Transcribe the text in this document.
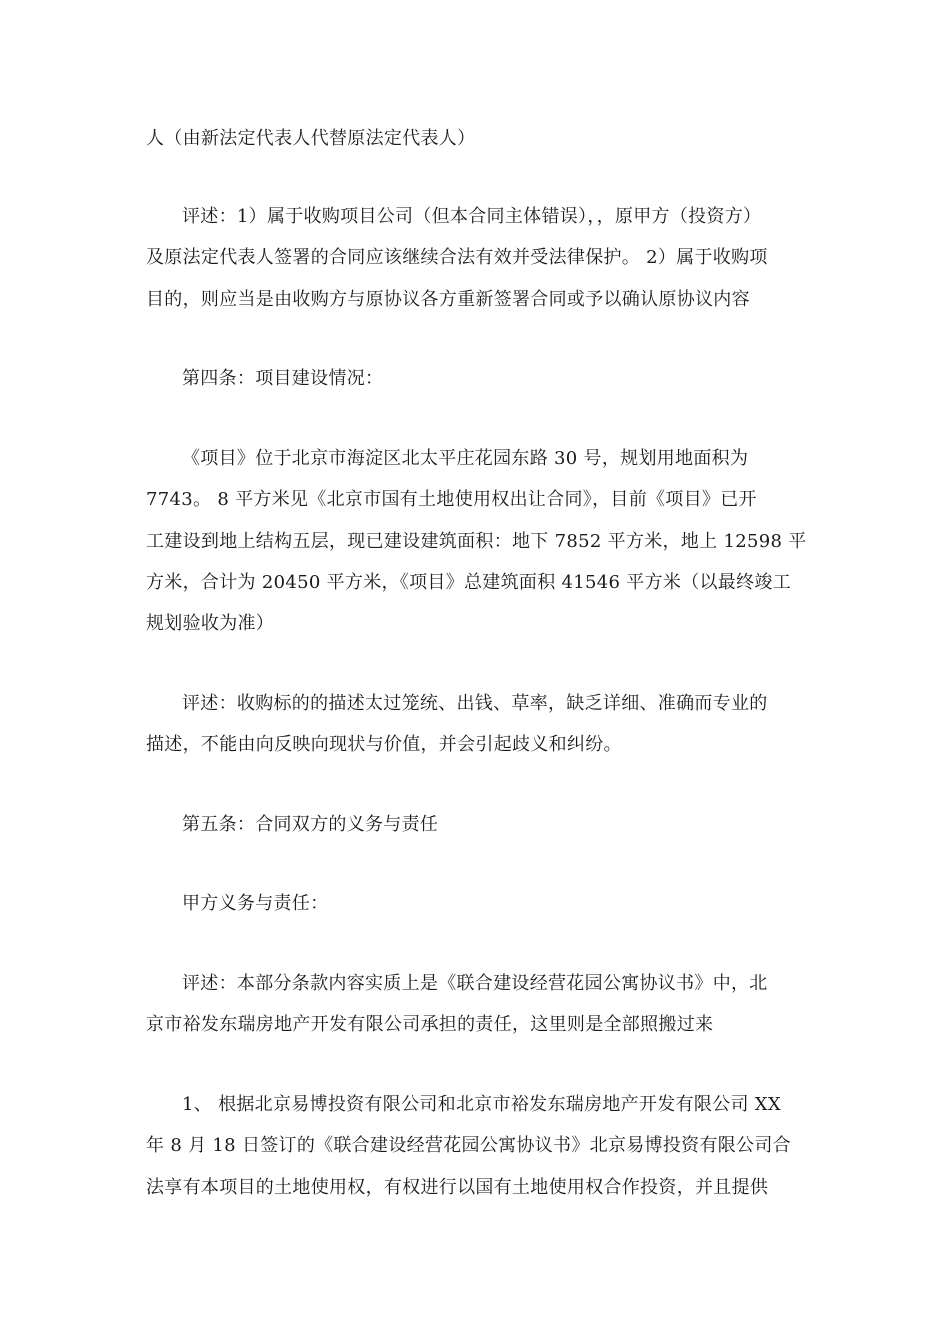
人（由新法定代表人代替原法定代表人）
评述：1）属于收购项目公司（但本合同主体错误），，原甲方（投资方）
及原法定代表人签署的合同应该继续合法有效并受法律保护。 2）属于收购项
目的，则应当是由收购方与原协议各方重新签署合同或予以确认原协议内容
第四条：项目建设情况：
《项目》位于北京市海淀区北太平庄花园东路 30 号，规划用地面积为
7743。 8 平方米见《北京市国有土地使用权出让合同》，目前《项目》已开
工建设到地上结构五层，现已建设建筑面积：地下 7852 平方米，地上 12598 平
方米，合计为 20450 平方米，《项目》总建筑面积 41546 平方米（以最终竣工
规划验收为准）
评述：收购标的的描述太过笼统、出钱、草率，缺乏详细、准确而专业的
描述，不能由向反映向现状与价值，并会引起歧义和纠纷。
第五条：合同双方的义务与责任
甲方义务与责任：
评述：本部分条款内容实质上是《联合建设经营花园公寓协议书》中，北
京市裕发东瑞房地产开发有限公司承担的责任，这里则是全部照搬过来
1、 根据北京易博投资有限公司和北京市裕发东瑞房地产开发有限公司 XX
年 8 月 18 日签订的《联合建设经营花园公寓协议书》北京易博投资有限公司合
法享有本项目的土地使用权，有权进行以国有土地使用权合作投资，并且提供
